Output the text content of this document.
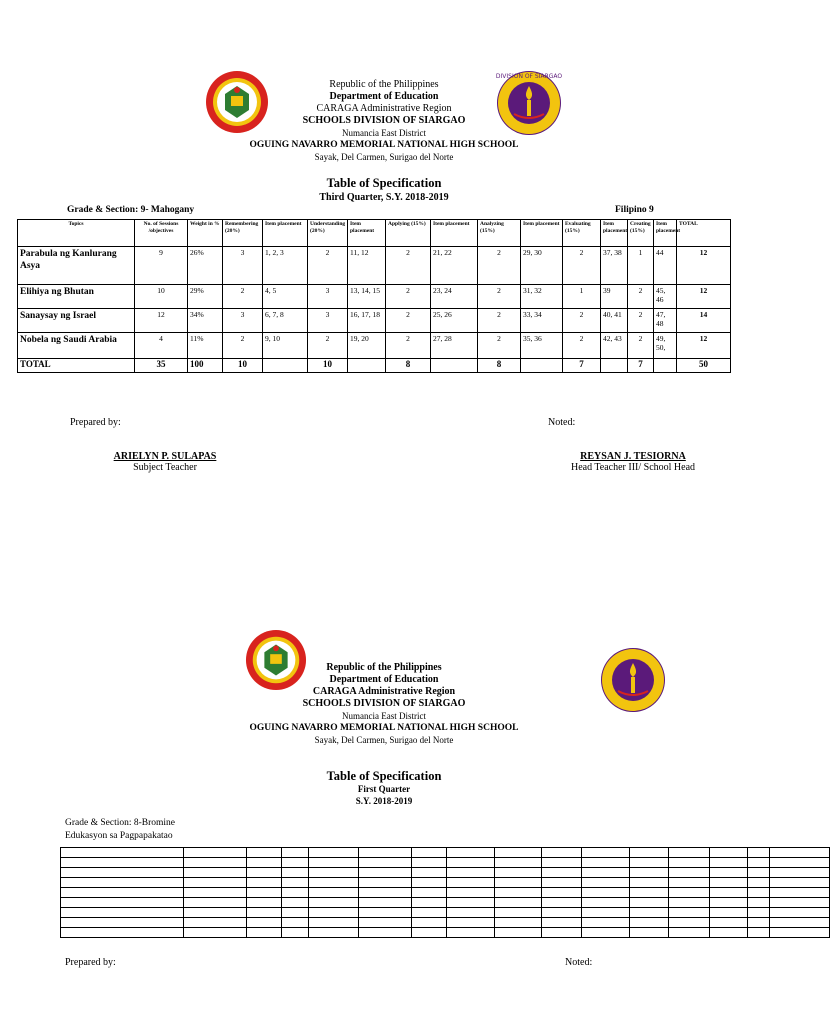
DIVISION OF SIARGAO
Republic of the Philippines
Department of Education
CARAGA Administrative Region
SCHOOLS DIVISION OF SIARGAO
Numancia East District
OGUING NAVARRO MEMORIAL NATIONAL HIGH SCHOOL
Sayak, Del Carmen, Surigao del Norte
Table of Specification
Third Quarter, S.Y. 2018-2019
Grade & Section: 9- Mahogany	Filipino 9
Topics	No. of Sessions /objectives	Weight in %	Remembering (20%)	Item placement	Understanding (20%)	Item placement	Applying (15%)	Item placement	Analyzing (15%)	Item placement	Evaluating (15%)	Item placement	Creating (15%)	Item placement	TOTAL
Parabula ng Kanlurang Asya	9	26%	3	1, 2, 3	2	11, 12	2	21, 22	2	29, 30	2	37, 38	1	44	12
Elihiya ng Bhutan	10	29%	2	4, 5	3	13, 14, 15	2	23, 24	2	31, 32	1	39	2	45, 46	12
Sanaysay ng Israel	12	34%	3	6, 7, 8	3	16, 17, 18	2	25, 26	2	33, 34	2	40, 41	2	47, 48	14
Nobela ng Saudi Arabia	4	11%	2	9, 10	2	19, 20	2	27, 28	2	35, 36	2	42, 43	2	49, 50,	12
TOTAL	35	100	10		10		8		8		7		7		50
Prepared by:	Noted:
ARIELYN P. SULAPAS
Subject Teacher
REYSAN J. TESIORNA
Head Teacher III/ School Head
Republic of the Philippines
Department of Education
CARAGA Administrative Region
SCHOOLS DIVISION OF SIARGAO
Numancia East District
OGUING NAVARRO MEMORIAL NATIONAL HIGH SCHOOL
Sayak, Del Carmen, Surigao del Norte
Table of Specification
First Quarter
S.Y. 2018-2019
Grade & Section: 8-Bromine
Edukasyon sa Pagpapakatao

Prepared by:	Noted:
